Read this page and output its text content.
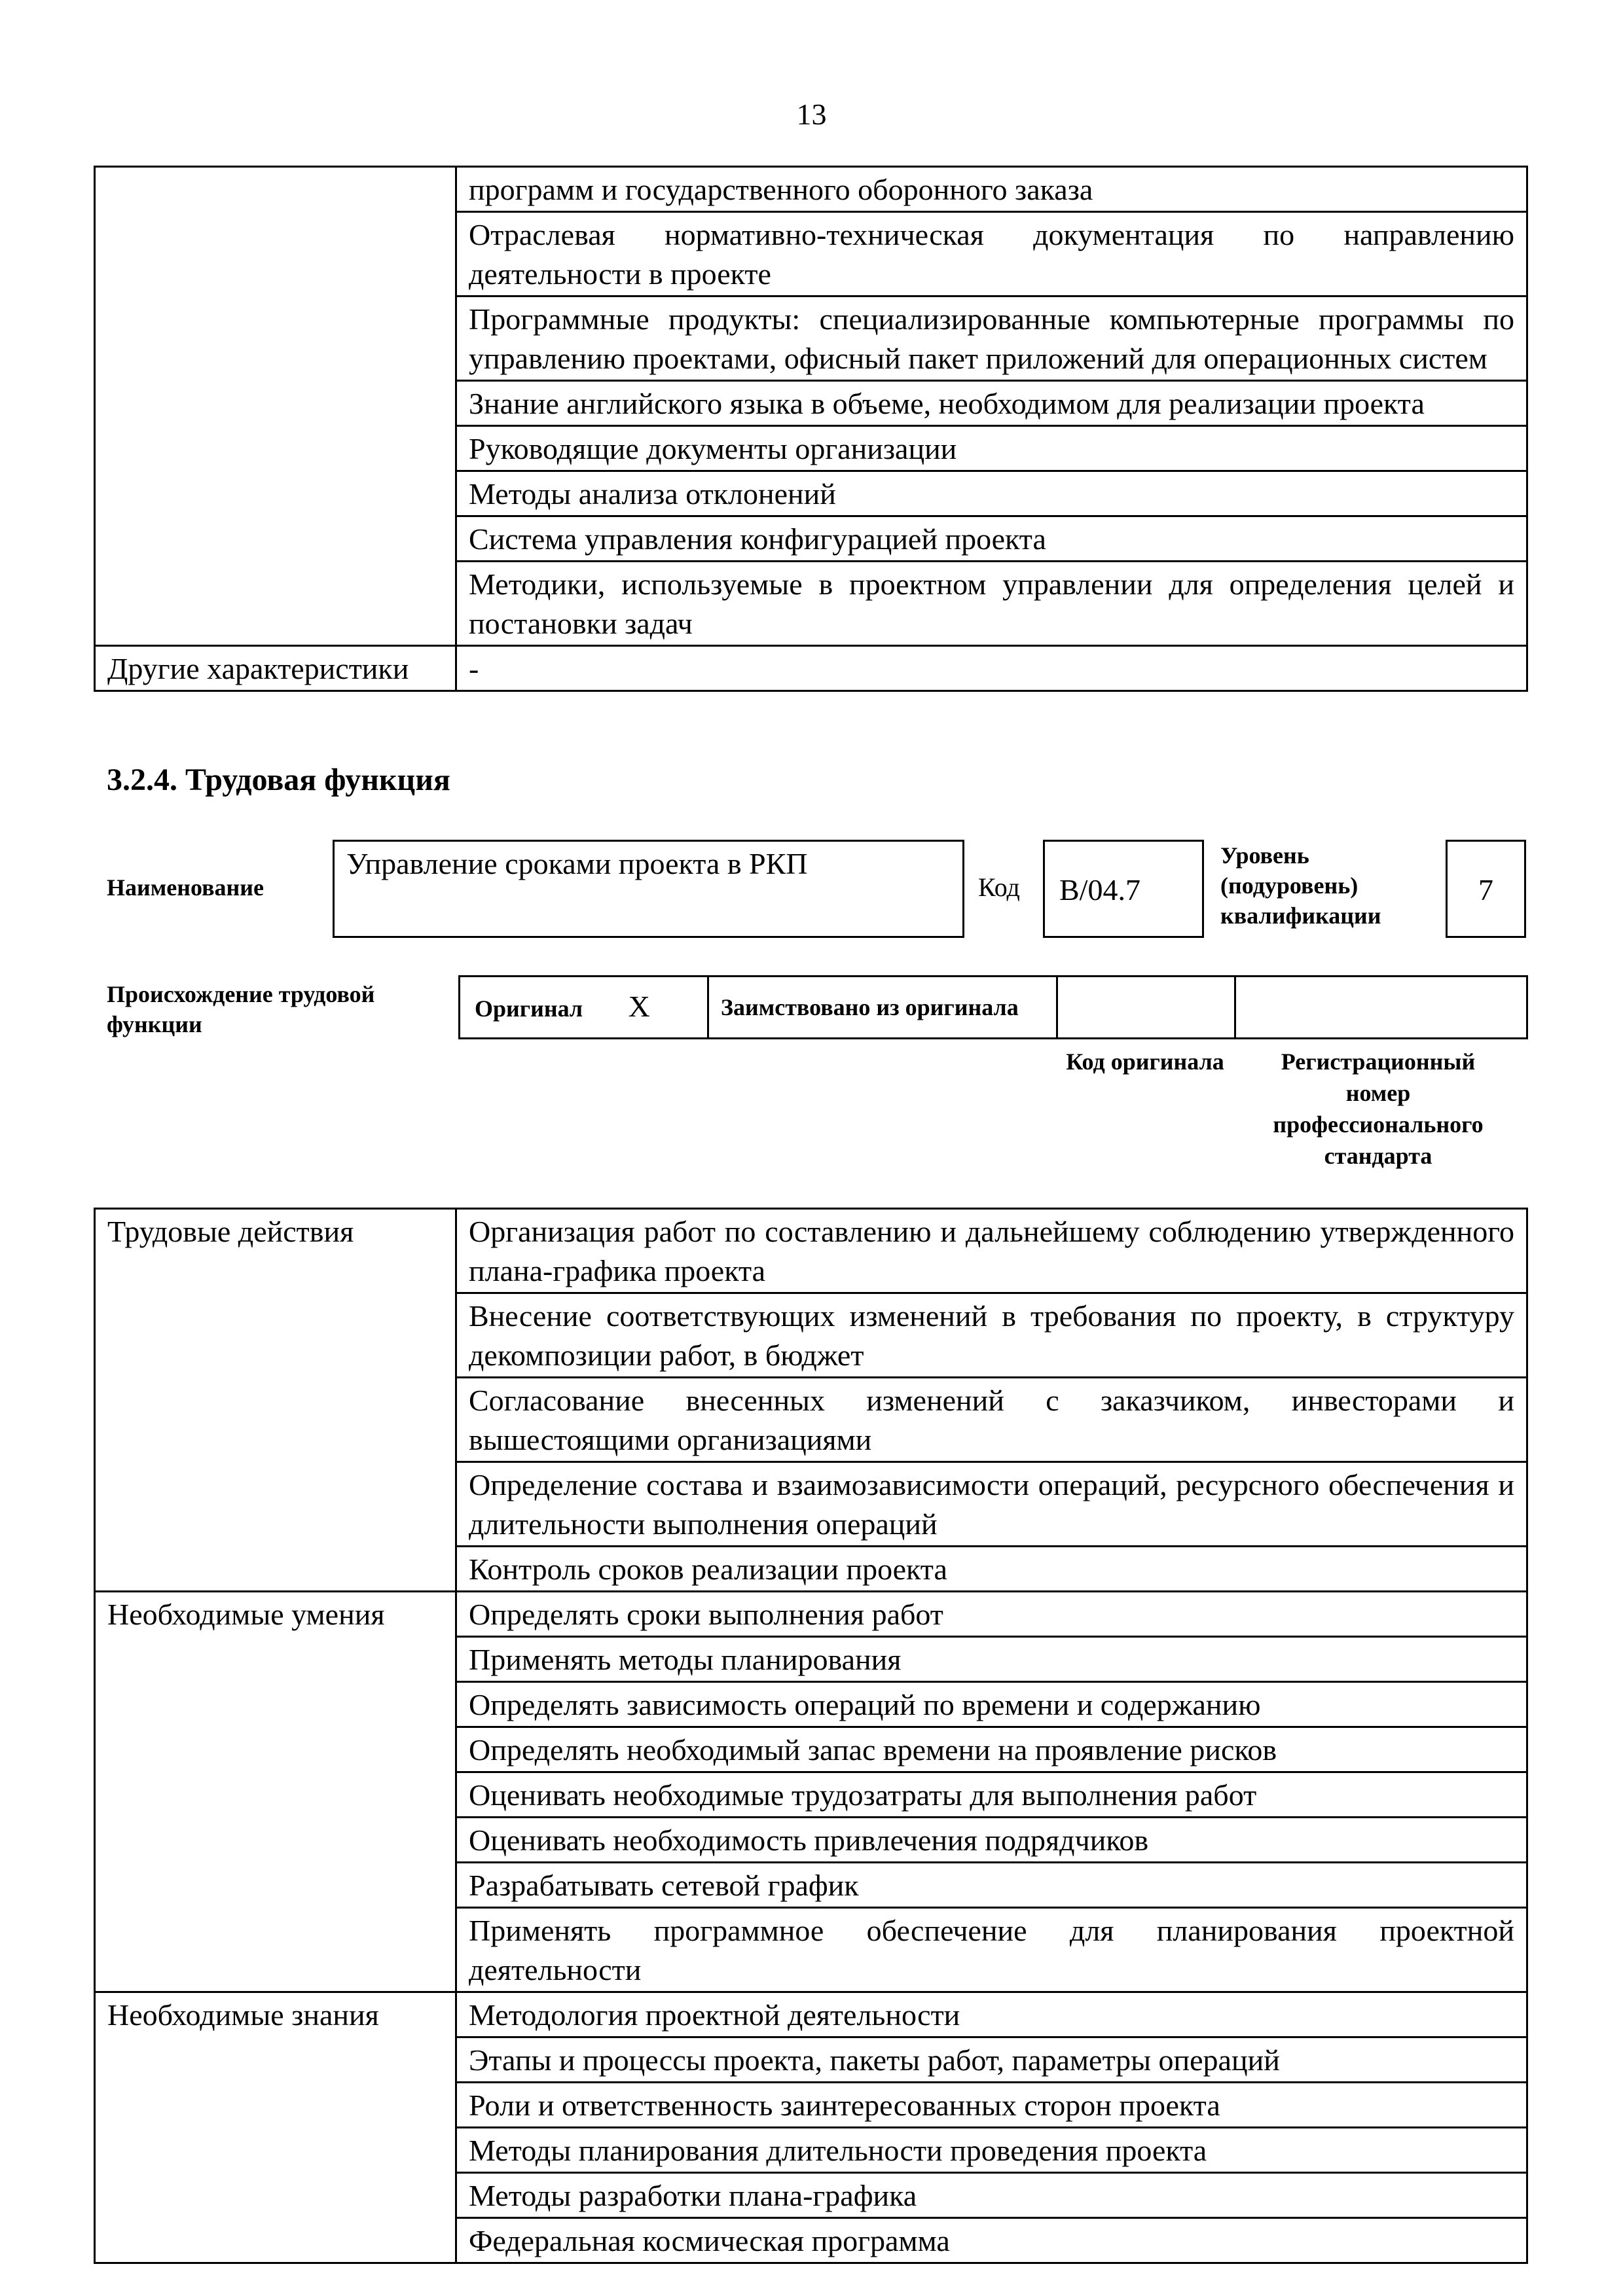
13
	программ и государственного оборонного заказа
	Отраслевая нормативно-техническая документация по направлению деятельности в проекте
	Программные продукты: специализированные компьютерные программы по управлению проектами, офисный пакет приложений для операционных систем
	Знание английского языка в объеме, необходимом для реализации проекта
	Руководящие документы организации
	Методы анализа отклонений
	Система управления конфигурацией проекта
	Методики, используемые в проектном управлении для определения целей и постановки задач
Другие характеристики	-
3.2.4. Трудовая функция
Наименование
Управление сроками проекта в РКП
Код	B/04.7
Уровень (подуровень) квалификации
7
Происхождение трудовой функции
Оригинал X	Заимствовано из оригинала		
Код оригинала	Регистрационный номер профессионального стандарта
Трудовые действия	Организация работ по составлению и дальнейшему соблюдению утвержденного плана-графика проекта
	Внесение соответствующих изменений в требования по проекту, в структуру декомпозиции работ, в бюджет
	Согласование внесенных изменений с заказчиком, инвесторами и вышестоящими организациями
	Определение состава и взаимозависимости операций, ресурсного обеспечения и длительности выполнения операций
	Контроль сроков реализации проекта
Необходимые умения	Определять сроки выполнения работ
	Применять методы планирования
	Определять зависимость операций по времени и содержанию
	Определять необходимый запас времени на проявление рисков
	Оценивать необходимые трудозатраты для выполнения работ
	Оценивать необходимость привлечения подрядчиков
	Разрабатывать сетевой график
	Применять программное обеспечение для планирования проектной деятельности
Необходимые знания	Методология проектной деятельности
	Этапы и процессы проекта, пакеты работ, параметры операций
	Роли и ответственность заинтересованных сторон проекта
	Методы планирования длительности проведения проекта
	Методы разработки плана-графика
	Федеральная космическая программа
